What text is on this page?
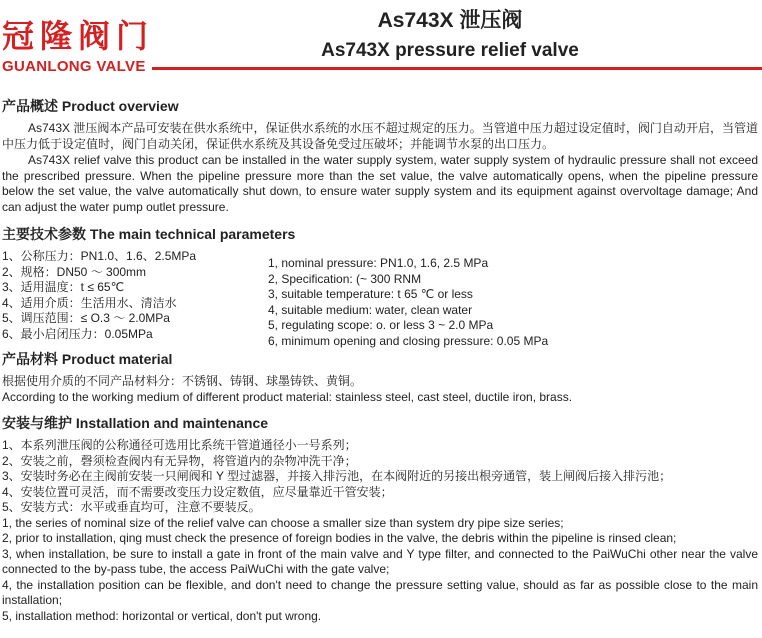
冠隆阀门
GUANLONG VALVE
As743X 泄压阀
As743X pressure relief valve
产品概述 Product overview
As743X 泄压阀本产品可安装在供水系统中，保证供水系统的水压不超过规定的压力。当管道中压力超过设定值时，阀门自动开启，当管道中压力低于设定值时，阀门自动关闭，保证供水系统及其设备免受过压破坏；并能调节水泵的出口压力。
As743X relief valve this product can be installed in the water supply system, water supply system of hydraulic pressure shall not exceed the prescribed pressure. When the pipeline pressure more than the set value, the valve automatically opens, when the pipeline pressure below the set value, the valve automatically shut down, to ensure water supply system and its equipment against overvoltage damage; And can adjust the water pump outlet pressure.
主要技术参数 The main technical parameters
1、公称压力：PN1.0、1.6、2.5MPa
2、规格：DN50 ～ 300mm
3、适用温度：t ≤ 65℃
4、适用介质：生活用水、清洁水
5、调压范围：≤ O.3 ～ 2.0MPa
6、最小启闭压力：0.05MPa
1, nominal pressure: PN1.0, 1.6, 2.5 MPa
2, Specification: (~ 300 RNM
3, suitable temperature: t 65 ℃ or less
4, suitable medium: water, clean water
5, regulating scope: o. or less 3 ~ 2.0 MPa
6, minimum opening and closing pressure: 0.05 MPa
产品材料 Product material
根据使用介质的不同产品材料分：不锈钢、铸钢、球墨铸铁、黄铜。
According to the working medium of different product material: stainless steel, cast steel, ductile iron, brass.
安装与维护 Installation and maintenance
1、本系列泄压阀的公称通径可选用比系统干管道通径小一号系列；
2、安装之前，磬须检查阀内有无异物，将管道内的杂物冲洗干净；
3、安装时务必在主阀前安装一只闸阀和 Y 型过滤器，并接入排污池，在本阀附近的另接出根旁通管，装上闸阀后接入排污池；
4、安装位置可灵活，而不需要改变压力设定数值，应尽量靠近干管安装；
5、安装方式：水平或垂直均可，注意不要装反。
1, the series of nominal size of the relief valve can choose a smaller size than system dry pipe size series;
2, prior to installation, qing must check the presence of foreign bodies in the valve, the debris within the pipeline is rinsed clean;
3, when installation, be sure to install a gate in front of the main valve and Y type filter, and connected to the PaiWuChi other near the valve connected to the by-pass tube, the access PaiWuChi with the gate valve;
4, the installation position can be flexible, and don't need to change the pressure setting value, should as far as possible close to the main installation;
5, installation method: horizontal or vertical, don't put wrong.
